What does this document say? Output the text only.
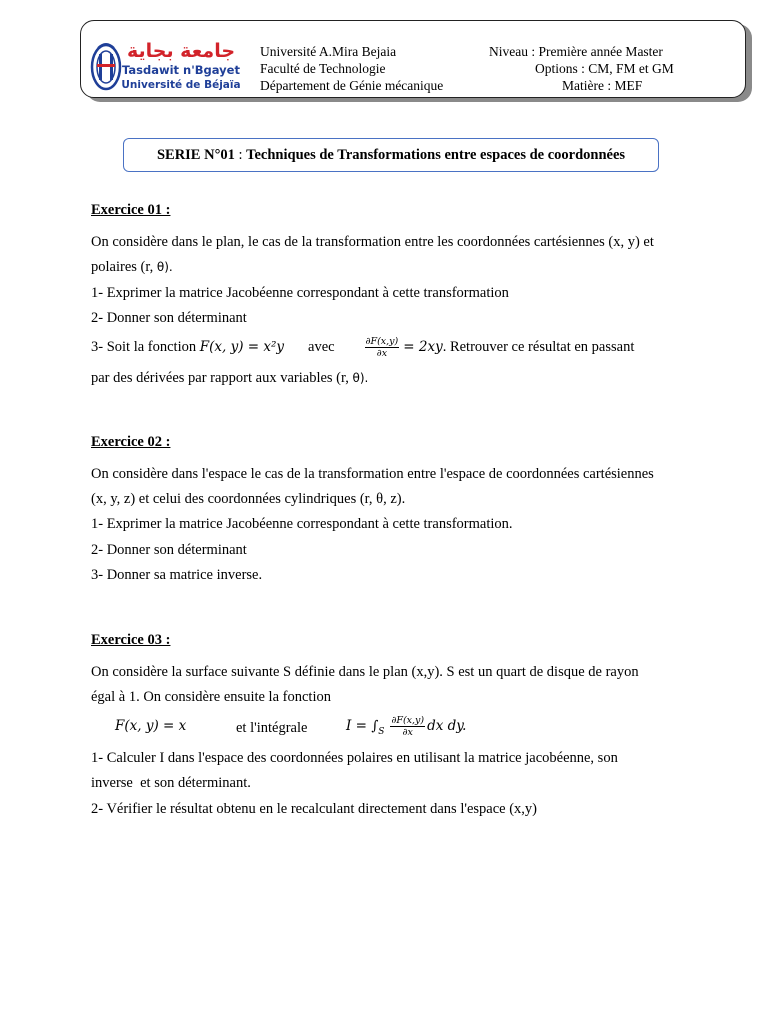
جامعة بجاية
Tasdawit n'Bgayet
Université de Béjaïa
Université A.Mira Bejaia
Faculté de Technologie
Département de Génie mécanique
Niveau : Première année Master
Options : CM, FM et GM
Matière : MEF
SERIE N°01 : Techniques de Transformations entre espaces de coordonnées
Exercice 01 :
On considère dans le plan, le cas de la transformation entre les coordonnées cartésiennes (x, y) et
polaires (r, θ).
1- Exprimer la matrice Jacobéenne correspondant à cette transformation
2- Donner son déterminant
3- Soit la fonction F(x, y) = x²y avec	$\frac{\partial F(x,y)}{\partial x} = 2xy$ . Retrouver ce résultat en passant
par des dérivées par rapport aux variables (r, θ).
Exercice 02 :
On considère dans l'espace le cas de la transformation entre l'espace de coordonnées cartésiennes
(x, y, z) et celui des coordonnées cylindriques (r, θ, z).
1- Exprimer la matrice Jacobéenne correspondant à cette transformation.
2- Donner son déterminant
3- Donner sa matrice inverse.
Exercice 03 :
On considère la surface suivante S définie dans le plan (x,y). S est un quart de disque de rayon
égal à 1. On considère ensuite la fonction
F(x, y) = x	et l'intégrale	I = ∫ S $\frac{\partial F(x,y)}{\partial x}$ dx dy.
1- Calculer I dans l'espace des coordonnées polaires en utilisant la matrice jacobéenne, son
inverse  et son déterminant.
2- Vérifier le résultat obtenu en le recalculant directement dans l'espace (x,y)
